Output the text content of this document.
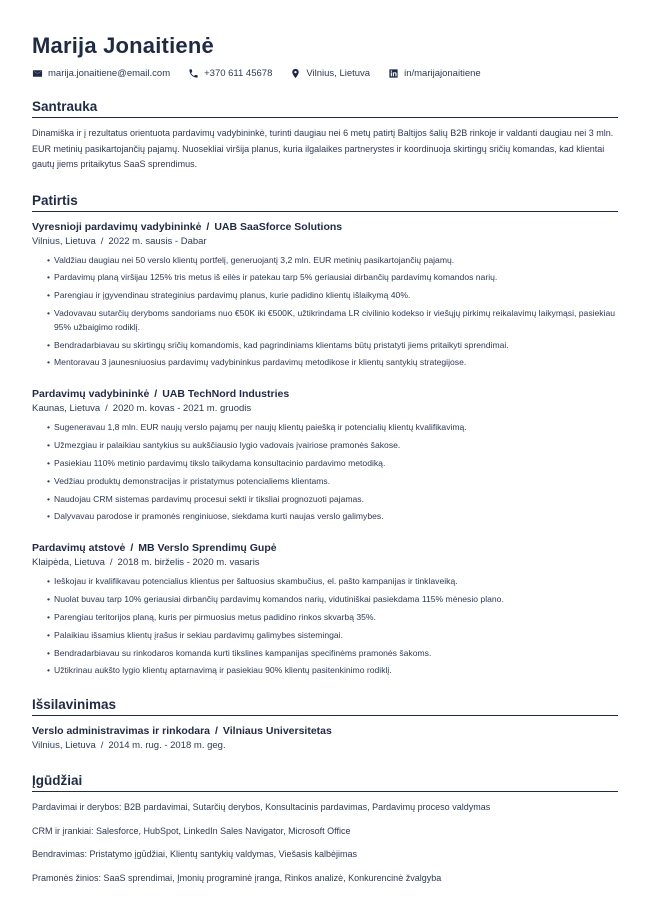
Marija Jonaitienė
marija.jonaitiene@email.com	+370 611 45678	Vilnius, Lietuva	in/marijajonaitiene
Santrauka

Dinamiška ir į rezultatus orientuota pardavimų vadybininkė, turinti daugiau nei 6 metų patirtį Baltijos šalių B2B rinkoje ir valdanti daugiau nei 3 mln. EUR metinių pasikartojančių pajamų. Nuosekliai viršija planus, kuria ilgalaikes partnerystes ir koordinuoja skirtingų sričių komandas, kad klientai gautų jiems pritaikytus SaaS sprendimus.

Patirtis
Vyresnioji pardavimų vadybininkė / UAB SaaSforce Solutions
Vilnius, Lietuva / 2022 m. sausis - Dabar
• Valdžiau daugiau nei 50 verslo klientų portfelį, generuojantį 3,2 mln. EUR metinių pasikartojančių pajamų.
• Pardavimų planą viršijau 125% tris metus iš eilės ir patekau tarp 5% geriausiai dirbančių pardavimų komandos narių.
• Parengiau ir įgyvendinau strateginius pardavimų planus, kurie padidino klientų išlaikymą 40%.
• Vadovavau sutarčių deryboms sandoriams nuo €50K iki €500K, užtikrindama LR civilinio kodekso ir viešųjų pirkimų reikalavimų laikymąsi, pasiekiau 95% užbaigimo rodiklį.
• Bendradarbiavau su skirtingų sričių komandomis, kad pagrindiniams klientams būtų pristatyti jiems pritaikyti sprendimai.
• Mentoravau 3 jaunesniuosius pardavimų vadybininkus pardavimų metodikose ir klientų santykių strategijose.
Pardavimų vadybininkė / UAB TechNord Industries
Kaunas, Lietuva / 2020 m. kovas - 2021 m. gruodis
• Sugeneravau 1,8 mln. EUR naujų verslo pajamų per naujų klientų paiešką ir potencialių klientų kvalifikavimą.
• Užmezgiau ir palaikiau santykius su aukščiausio lygio vadovais įvairiose pramonės šakose.
• Pasiekiau 110% metinio pardavimų tikslo taikydama konsultacinio pardavimo metodiką.
• Vedžiau produktų demonstracijas ir pristatymus potencialiems klientams.
• Naudojau CRM sistemas pardavimų procesui sekti ir tiksliai prognozuoti pajamas.
• Dalyvavau parodose ir pramonės renginiuose, siekdama kurti naujas verslo galimybes.
Pardavimų atstovė / MB Verslo Sprendimų Gupė
Klaipėda, Lietuva / 2018 m. birželis - 2020 m. vasaris
• Ieškojau ir kvalifikavau potencialius klientus per šaltuosius skambučius, el. pašto kampanijas ir tinklaveiką.
• Nuolat buvau tarp 10% geriausiai dirbančių pardavimų komandos narių, vidutiniškai pasiekdama 115% mėnesio plano.
• Parengiau teritorijos planą, kuris per pirmuosius metus padidino rinkos skvarbą 35%.
• Palaikiau išsamius klientų įrašus ir sekiau pardavimų galimybes sistemingai.
• Bendradarbiavau su rinkodaros komanda kurti tikslines kampanijas specifinėms pramonės šakoms.
• Užtikrinau aukšto lygio klientų aptarnavimą ir pasiekiau 90% klientų pasitenkinimo rodiklį.
Išsilavinimas
Verslo administravimas ir rinkodara / Vilniaus Universitetas
Vilnius, Lietuva / 2014 m. rug. - 2018 m. geg.
Įgūdžiai
Pardavimai ir derybos: B2B pardavimai, Sutarčių derybos, Konsultacinis pardavimas, Pardavimų proceso valdymas
CRM ir įrankiai: Salesforce, HubSpot, LinkedIn Sales Navigator, Microsoft Office
Bendravimas: Pristatymo įgūdžiai, Klientų santykių valdymas, Viešasis kalbėjimas
Pramonės žinios: SaaS sprendimai, Įmonių programinė įranga, Rinkos analizė, Konkurencinė žvalgyba
